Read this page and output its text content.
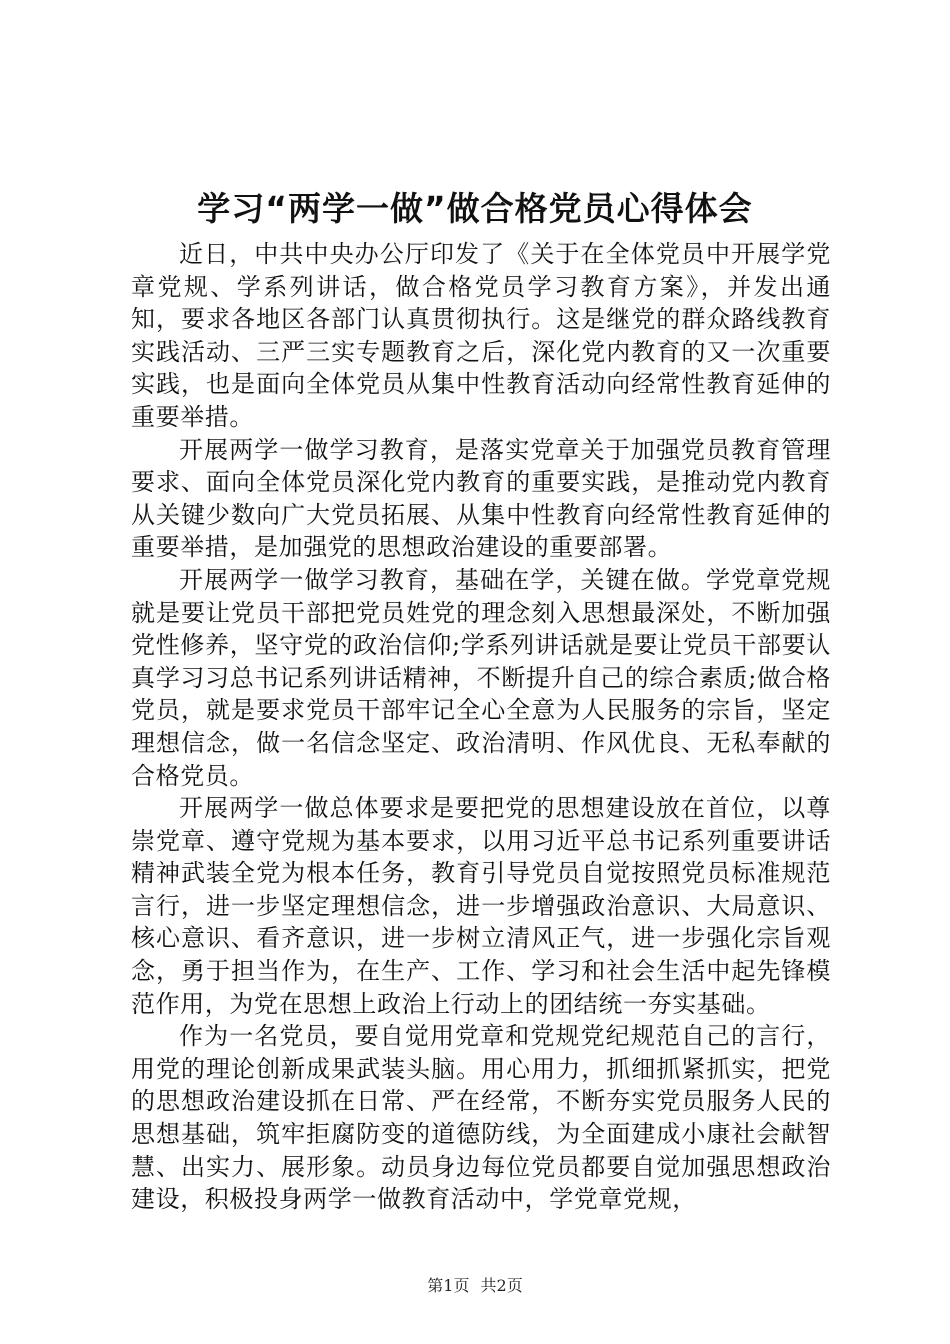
学习“两学一做”做合格党员心得体会

近日，中共中央办公厅印发了《关于在全体党员中开展学党章党规、学系列讲话，做合格党员学习教育方案》，并发出通知，要求各地区各部门认真贯彻执行。这是继党的群众路线教育实践活动、三严三实专题教育之后，深化党内教育的又一次重要实践，也是面向全体党员从集中性教育活动向经常性教育延伸的重要举措。

开展两学一做学习教育，是落实党章关于加强党员教育管理要求、面向全体党员深化党内教育的重要实践，是推动党内教育从关键少数向广大党员拓展、从集中性教育向经常性教育延伸的重要举措，是加强党的思想政治建设的重要部署。

开展两学一做学习教育，基础在学，关键在做。学党章党规就是要让党员干部把党员姓党的理念刻入思想最深处，不断加强党性修养，坚守党的政治信仰;学系列讲话就是要让党员干部要认真学习习总书记系列讲话精神，不断提升自己的综合素质;做合格党员，就是要求党员干部牢记全心全意为人民服务的宗旨，坚定理想信念，做一名信念坚定、政治清明、作风优良、无私奉献的合格党员。

开展两学一做总体要求是要把党的思想建设放在首位，以尊崇党章、遵守党规为基本要求，以用习近平总书记系列重要讲话精神武装全党为根本任务，教育引导党员自觉按照党员标准规范言行，进一步坚定理想信念，进一步增强政治意识、大局意识、核心意识、看齐意识，进一步树立清风正气，进一步强化宗旨观念，勇于担当作为，在生产、工作、学习和社会生活中起先锋模范作用，为党在思想上政治上行动上的团结统一夯实基础。

作为一名党员，要自觉用党章和党规党纪规范自己的言行，用党的理论创新成果武装头脑。用心用力，抓细抓紧抓实，把党的思想政治建设抓在日常、严在经常，不断夯实党员服务人民的思想基础，筑牢拒腐防变的道德防线，为全面建成小康社会献智慧、出实力、展形象。动员身边每位党员都要自觉加强思想政治建设，积极投身两学一做教育活动中，学党章党规，

第1页 共2页
